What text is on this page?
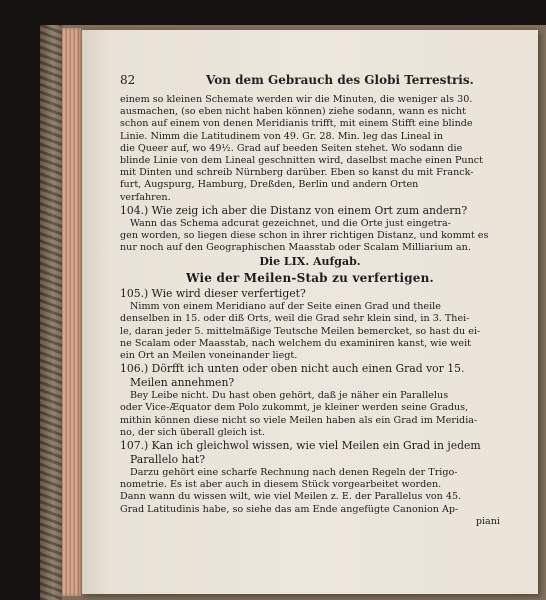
82	Von dem Gebrauch des Globi Terrestris.
einem so kleinen Schemate werden wir die Minuten, die weniger als 30.
ausmachen, (so eben nicht haben können) ziehe sodann, wann es nicht
schon auf einem von denen Meridianis trifft, mit einem Stifft eine blinde
Linie. Nimm die Latitudinem von 49. Gr. 28. Min. leg das Lineal in
die Queer auf, wo 49½. Grad auf beeden Seiten stehet. Wo sodann die
blinde Linie von dem Lineal geschnitten wird, daselbst mache einen Punct
mit Dinten und schreib Nürnberg darüber. Eben so kanst du mit Franck-
furt, Augspurg, Hamburg, Dreßden, Berlin und andern Orten
verfahren.
104.) Wie zeig ich aber die Distanz von einem Ort zum andern?
Wann das Schema adcurat gezeichnet, und die Orte just eingetra-
gen worden, so liegen diese schon in ihrer richtigen Distanz, und kommt es
nur noch auf den Geographischen Maasstab oder Scalam Milliarium an.
Die LIX. Aufgab.
Wie der Meilen-Stab zu verfertigen.
105.) Wie wird dieser verfertiget?
Nimm von einem Meridiano auf der Seite einen Grad und theile
denselben in 15. oder diß Orts, weil die Grad sehr klein sind, in 3. Thei-
le, daran jeder 5. mittelmäßige Teutsche Meilen bemercket, so hast du ei-
ne Scalam oder Maasstab, nach welchem du examiniren kanst, wie weit
ein Ort an Meilen voneinander liegt.
106.) Dörfft ich unten oder oben nicht auch einen Grad vor 15.
Meilen annehmen?
Bey Leibe nicht. Du hast oben gehört, daß je näher ein Parallelus
oder Vice-Æquator dem Polo zukommt, je kleiner werden seine Gradus,
mithin können diese nicht so viele Meilen haben als ein Grad im Meridia-
no, der sich überall gleich ist.
107.) Kan ich gleichwol wissen, wie viel Meilen ein Grad in jedem
Parallelo hat?
Darzu gehört eine scharfe Rechnung nach denen Regeln der Trigo-
nometrie. Es ist aber auch in diesem Stück vorgearbeitet worden.
Dann wann du wissen wilt, wie viel Meilen z. E. der Parallelus von 45.
Grad Latitudinis habe, so siehe das am Ende angefügte Canonion Ap-
piani
